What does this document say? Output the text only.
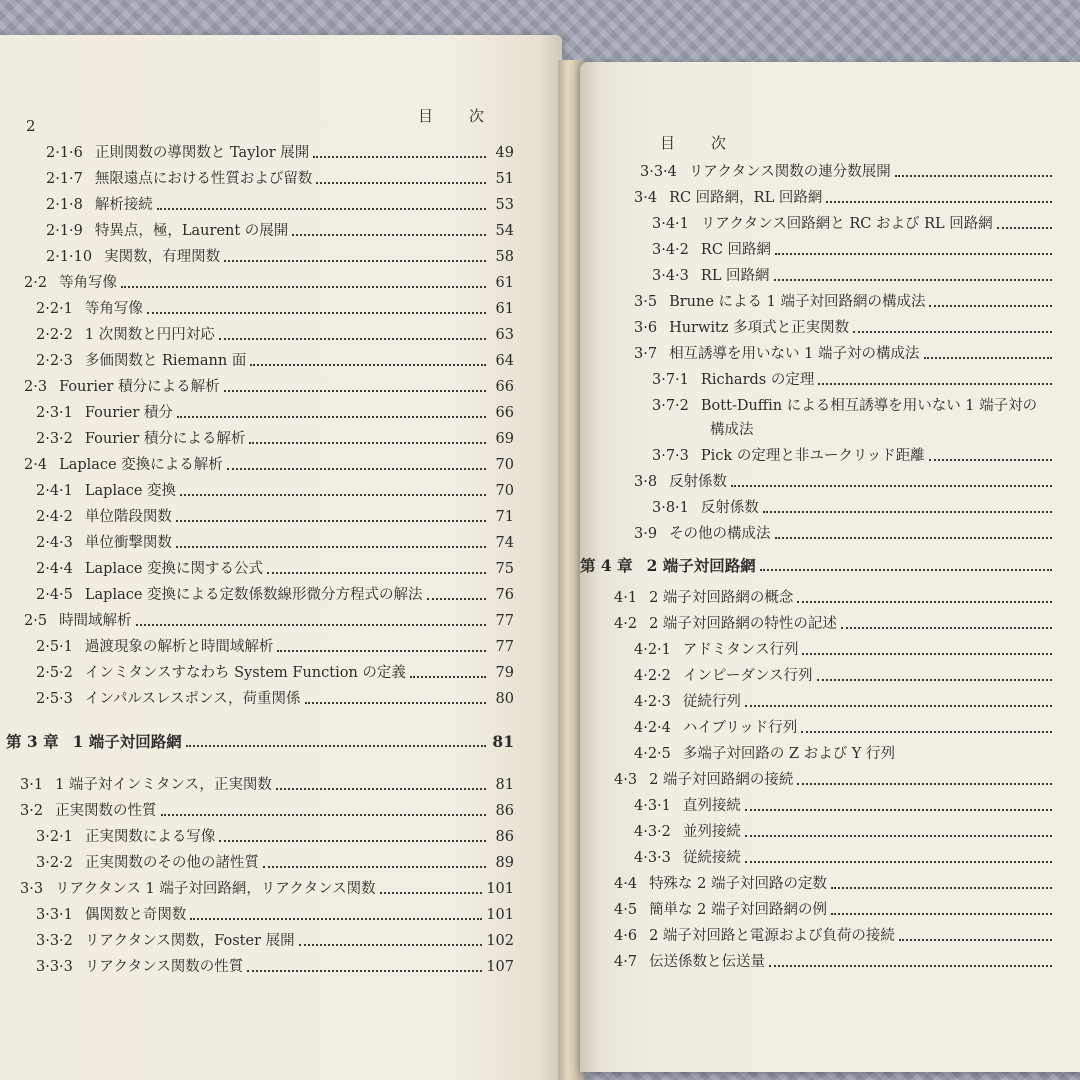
2
目　　次
2·1·6 正則関数の導関数と Taylor 展開	49
2·1·7 無限遠点における性質および留数	51
2·1·8 解析接続	53
2·1·9 特異点，極，Laurent の展開	54
2·1·10 実関数，有理関数	58
2·2 等角写像	61
2·2·1 等角写像	61
2·2·2 1 次関数と円円対応	63
2·2·3 多価関数と Riemann 面	64
2·3 Fourier 積分による解析	66
2·3·1 Fourier 積分	66
2·3·2 Fourier 積分による解析	69
2·4 Laplace 変換による解析	70
2·4·1 Laplace 変換	70
2·4·2 単位階段関数	71
2·4·3 単位衝撃関数	74
2·4·4 Laplace 変換に関する公式	75
2·4·5 Laplace 変換による定数係数線形微分方程式の解法	76
2·5 時間域解析	77
2·5·1 過渡現象の解析と時間域解析	77
2·5·2 インミタンスすなわち System Function の定義	79
2·5·3 インパルスレスポンス，荷重関係	80
第 3 章 1 端子対回路網	81
3·1 1 端子対インミタンス，正実関数	81
3·2 正実関数の性質	86
3·2·1 正実関数による写像	86
3·2·2 正実関数のその他の諸性質	89
3·3 リアクタンス 1 端子対回路網，リアクタンス関数	101
3·3·1 偶関数と奇関数	101
3·3·2 リアクタンス関数，Foster 展開	102
3·3·3 リアクタンス関数の性質	107
目　　次
3·3·4 リアクタンス関数の連分数展開
3·4 RC 回路網，RL 回路網
3·4·1 リアクタンス回路網と RC および RL 回路網
3·4·2 RC 回路網
3·4·3 RL 回路網
3·5 Brune による 1 端子対回路網の構成法
3·6 Hurwitz 多項式と正実関数
3·7 相互誘導を用いない 1 端子対の構成法
3·7·1 Richards の定理
3·7·2 Bott-Duffin による相互誘導を用いない 1 端子対の
構成法
3·7·3 Pick の定理と非ユークリッド距離
3·8 反射係数
3·8·1 反射係数
3·9 その他の構成法
第 4 章 2 端子対回路網
4·1 2 端子対回路網の概念
4·2 2 端子対回路網の特性の記述
4·2·1 アドミタンス行列
4·2·2 インピーダンス行列
4·2·3 従続行列
4·2·4 ハイブリッド行列
4·2·5 多端子対回路の Z および Y 行列
4·3 2 端子対回路網の接続
4·3·1 直列接続
4·3·2 並列接続
4·3·3 従続接続
4·4 特殊な 2 端子対回路の定数
4·5 簡単な 2 端子対回路網の例
4·6 2 端子対回路と電源および負荷の接続
4·7 伝送係数と伝送量
